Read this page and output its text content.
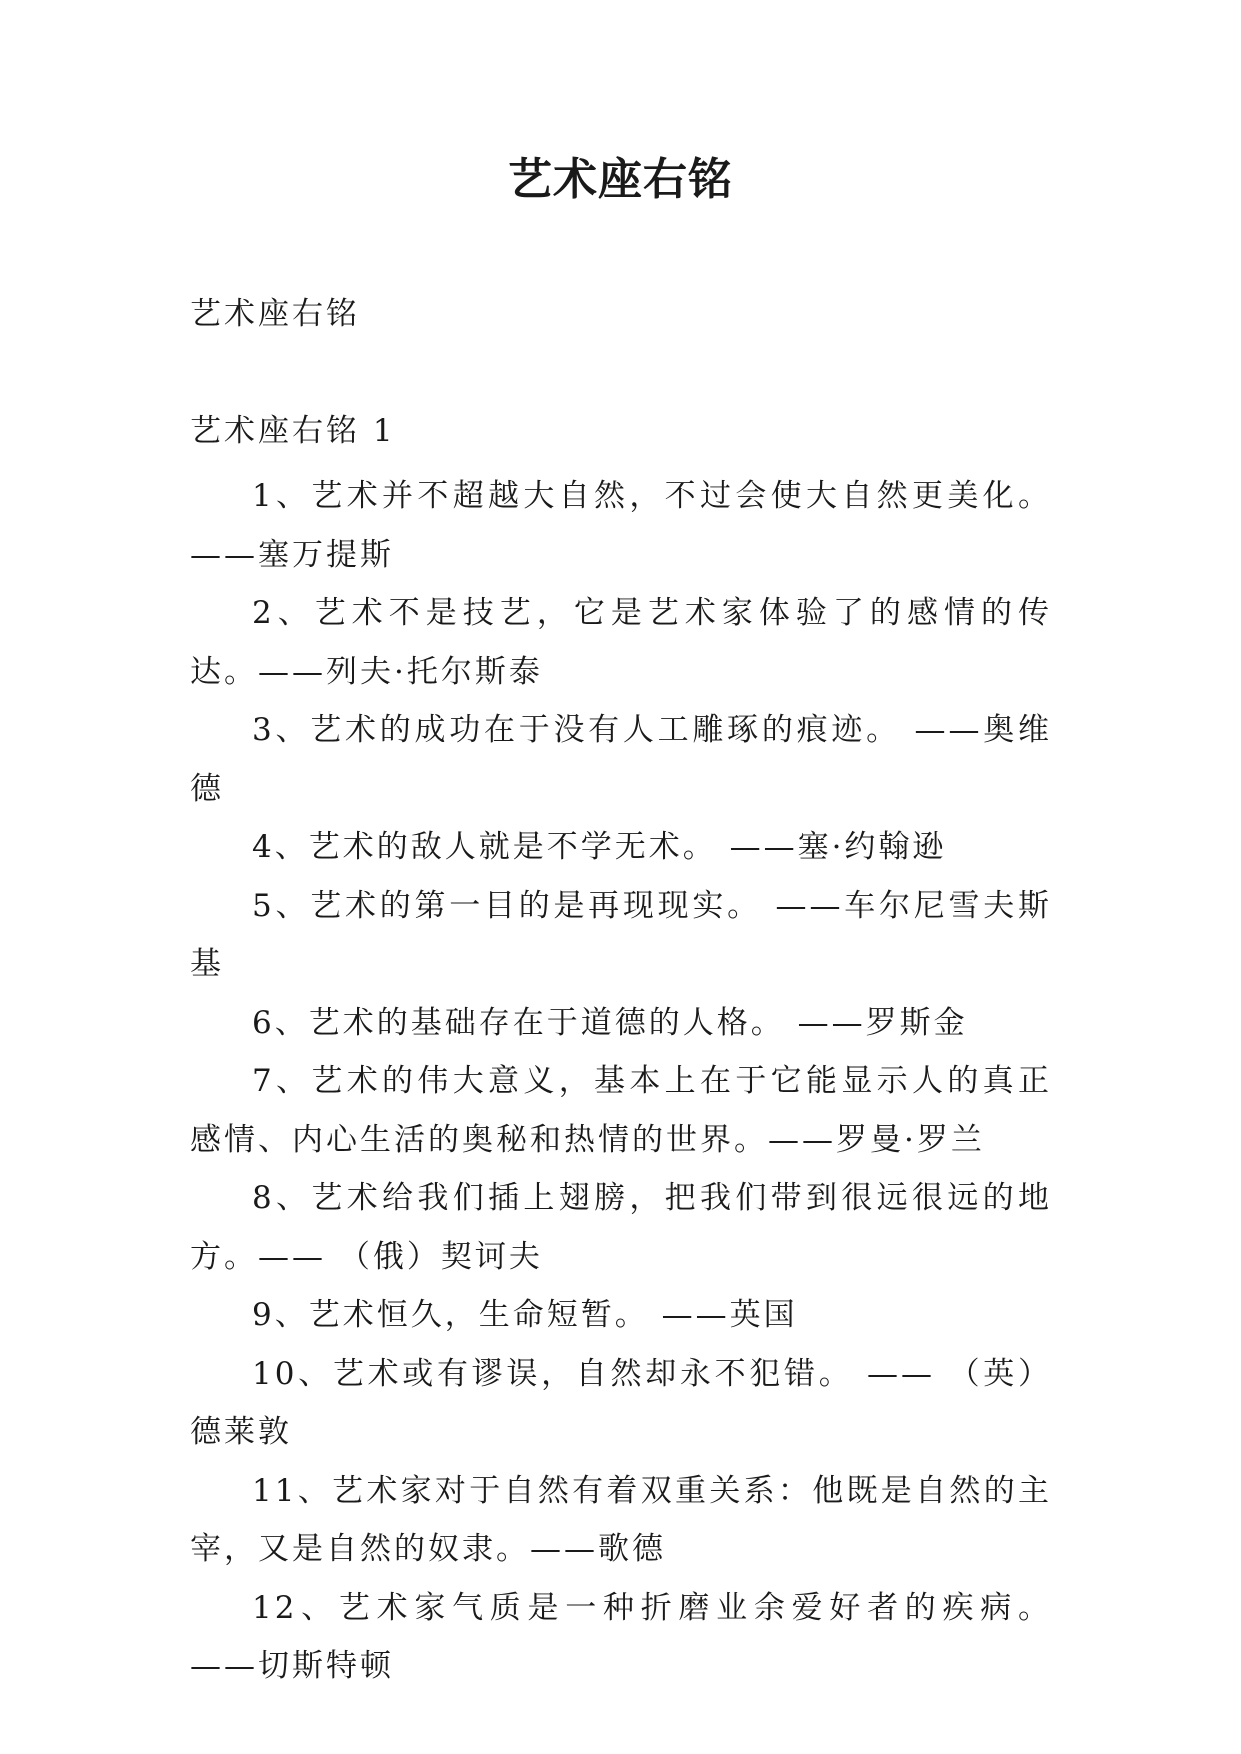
艺术座右铭

艺术座右铭

艺术座右铭 1

1、艺术并不超越大自然，不过会使大自然更美化。——塞万提斯
2、艺术不是技艺，它是艺术家体验了的感情的传达。——列夫·托尔斯泰
3、艺术的成功在于没有人工雕琢的痕迹。 ——奥维德
4、艺术的敌人就是不学无术。 ——塞·约翰逊
5、艺术的第一目的是再现现实。 ——车尔尼雪夫斯基
6、艺术的基础存在于道德的人格。 ——罗斯金
7、艺术的伟大意义，基本上在于它能显示人的真正感情、内心生活的奥秘和热情的世界。——罗曼·罗兰
8、艺术给我们插上翅膀，把我们带到很远很远的地方。—— （俄）契诃夫
9、艺术恒久，生命短暂。 ——英国
10、艺术或有谬误，自然却永不犯错。 —— （英）德莱敦
11、艺术家对于自然有着双重关系：他既是自然的主宰，又是自然的奴隶。——歌德
12、艺术家气质是一种折磨业余爱好者的疾病。 ——切斯特顿
